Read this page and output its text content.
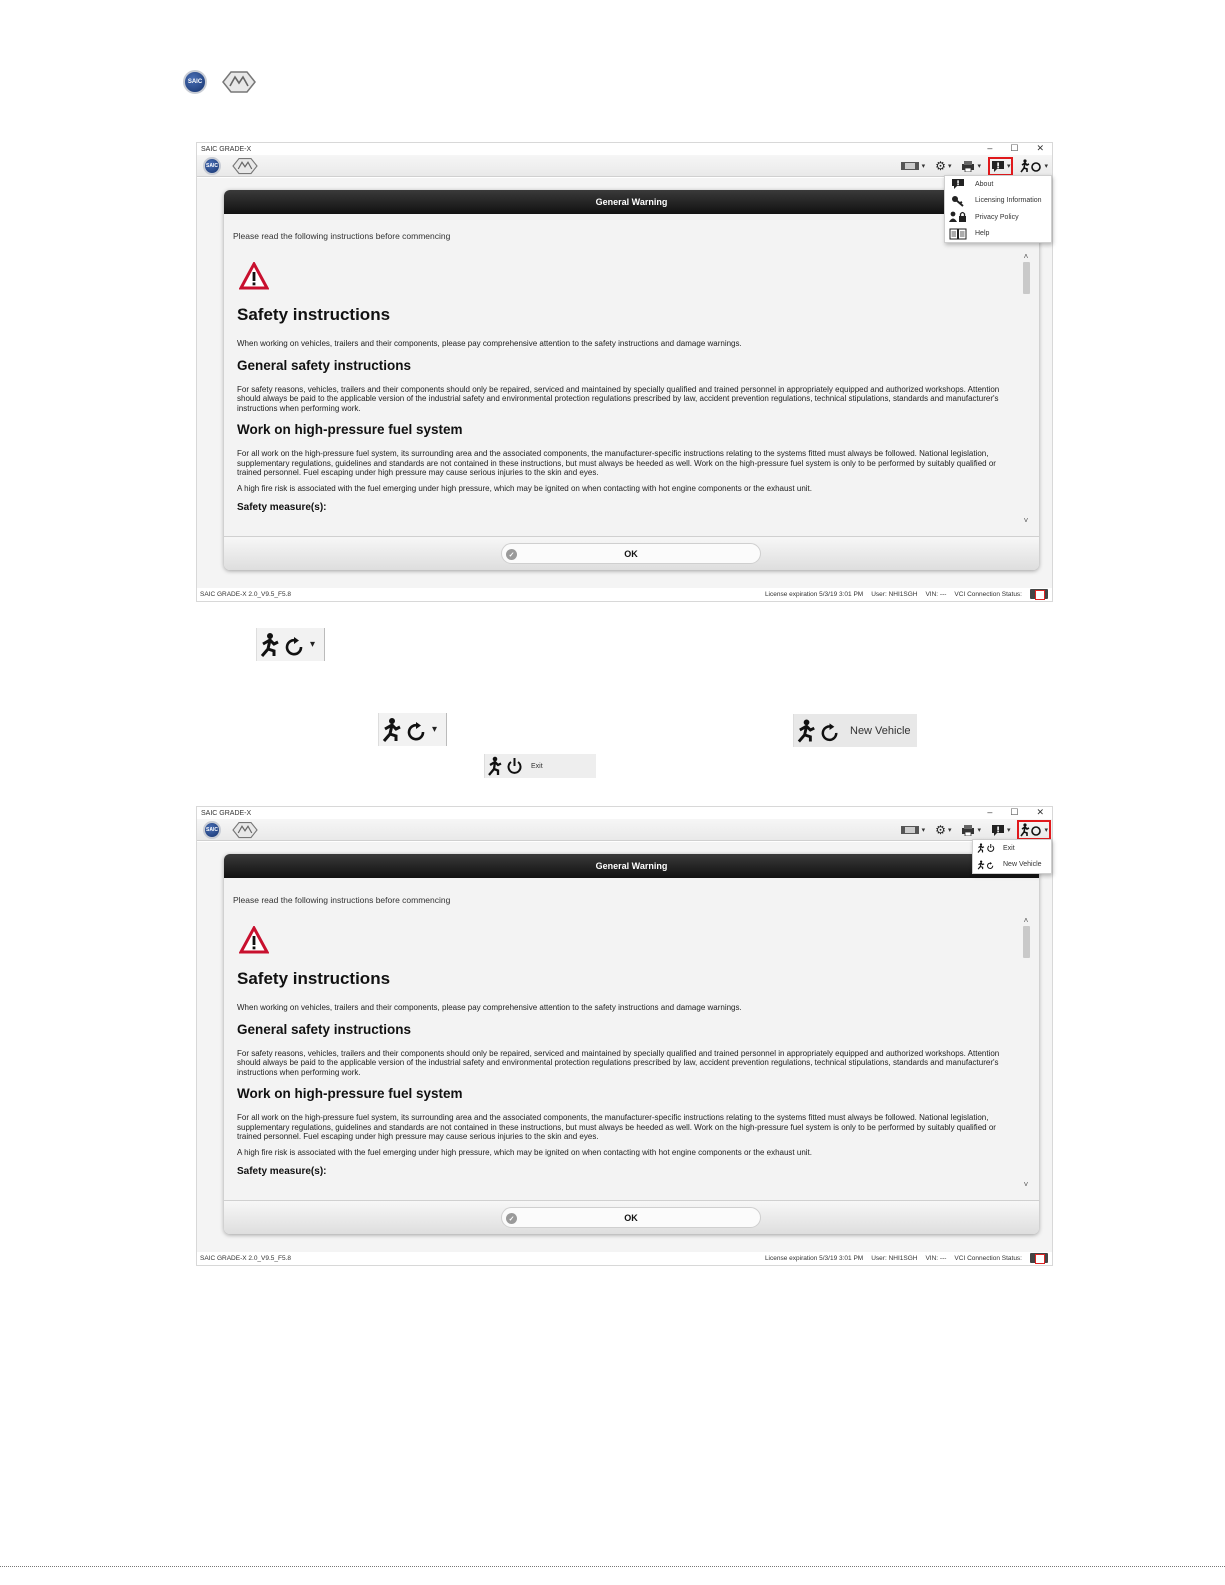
SAIC
SAIC GRADE-X	– ☐ ✕
SAIC	▾ ⚙ ▾	▾	▾	▾
General Warning
Please read the following instructions before commencing
Safety instructions

When working on vehicles, trailers and their components, please pay comprehensive attention to the safety instructions and damage warnings.

General safety instructions

For safety reasons, vehicles, trailers and their components should only be repaired, serviced and maintained by specially qualified and trained personnel in appropriately equipped and authorized workshops. Attention should always be paid to the applicable version of the industrial safety and environmental protection regulations prescribed by law, accident prevention regulations, technical stipulations, standards and manufacturer's instructions when performing work.

Work on high-pressure fuel system

For all work on the high-pressure fuel system, its surrounding area and the associated components, the manufacturer-specific instructions relating to the systems fitted must always be followed. National legislation, supplementary regulations, guidelines and standards are not contained in these instructions, but must always be heeded as well. Work on the high-pressure fuel system is only to be performed by suitably qualified or trained personnel. Fuel escaping under high pressure may cause serious injuries to the skin and eyes.

A high fire risk is associated with the fuel emerging under high pressure, which may be ignited on when contacting with hot engine components or the exhaust unit.

Safety measure(s):
˄
˅
✓	OK
SAIC GRADE-X 2.0_V9.5_F5.8	License expiration 5/3/19 3:01 PM User: NHI1SGH VIN: --- VCI Connection Status:
About
Licensing Information
Privacy Policy
Help
▾
▾	New Vehicle
Exit
SAIC GRADE-X	– ☐ ✕
SAIC	▾ ⚙ ▾	▾	▾	▾
General Warning
Please read the following instructions before commencing
Safety instructions

When working on vehicles, trailers and their components, please pay comprehensive attention to the safety instructions and damage warnings.

General safety instructions

For safety reasons, vehicles, trailers and their components should only be repaired, serviced and maintained by specially qualified and trained personnel in appropriately equipped and authorized workshops. Attention should always be paid to the applicable version of the industrial safety and environmental protection regulations prescribed by law, accident prevention regulations, technical stipulations, standards and manufacturer's instructions when performing work.

Work on high-pressure fuel system

For all work on the high-pressure fuel system, its surrounding area and the associated components, the manufacturer-specific instructions relating to the systems fitted must always be followed. National legislation, supplementary regulations, guidelines and standards are not contained in these instructions, but must always be heeded as well. Work on the high-pressure fuel system is only to be performed by suitably qualified or trained personnel. Fuel escaping under high pressure may cause serious injuries to the skin and eyes.

A high fire risk is associated with the fuel emerging under high pressure, which may be ignited on when contacting with hot engine components or the exhaust unit.

Safety measure(s):
˄
˅
✓	OK
SAIC GRADE-X 2.0_V9.5_F5.8	License expiration 5/3/19 3:01 PM User: NHI1SGH VIN: --- VCI Connection Status:
Exit
New Vehicle
